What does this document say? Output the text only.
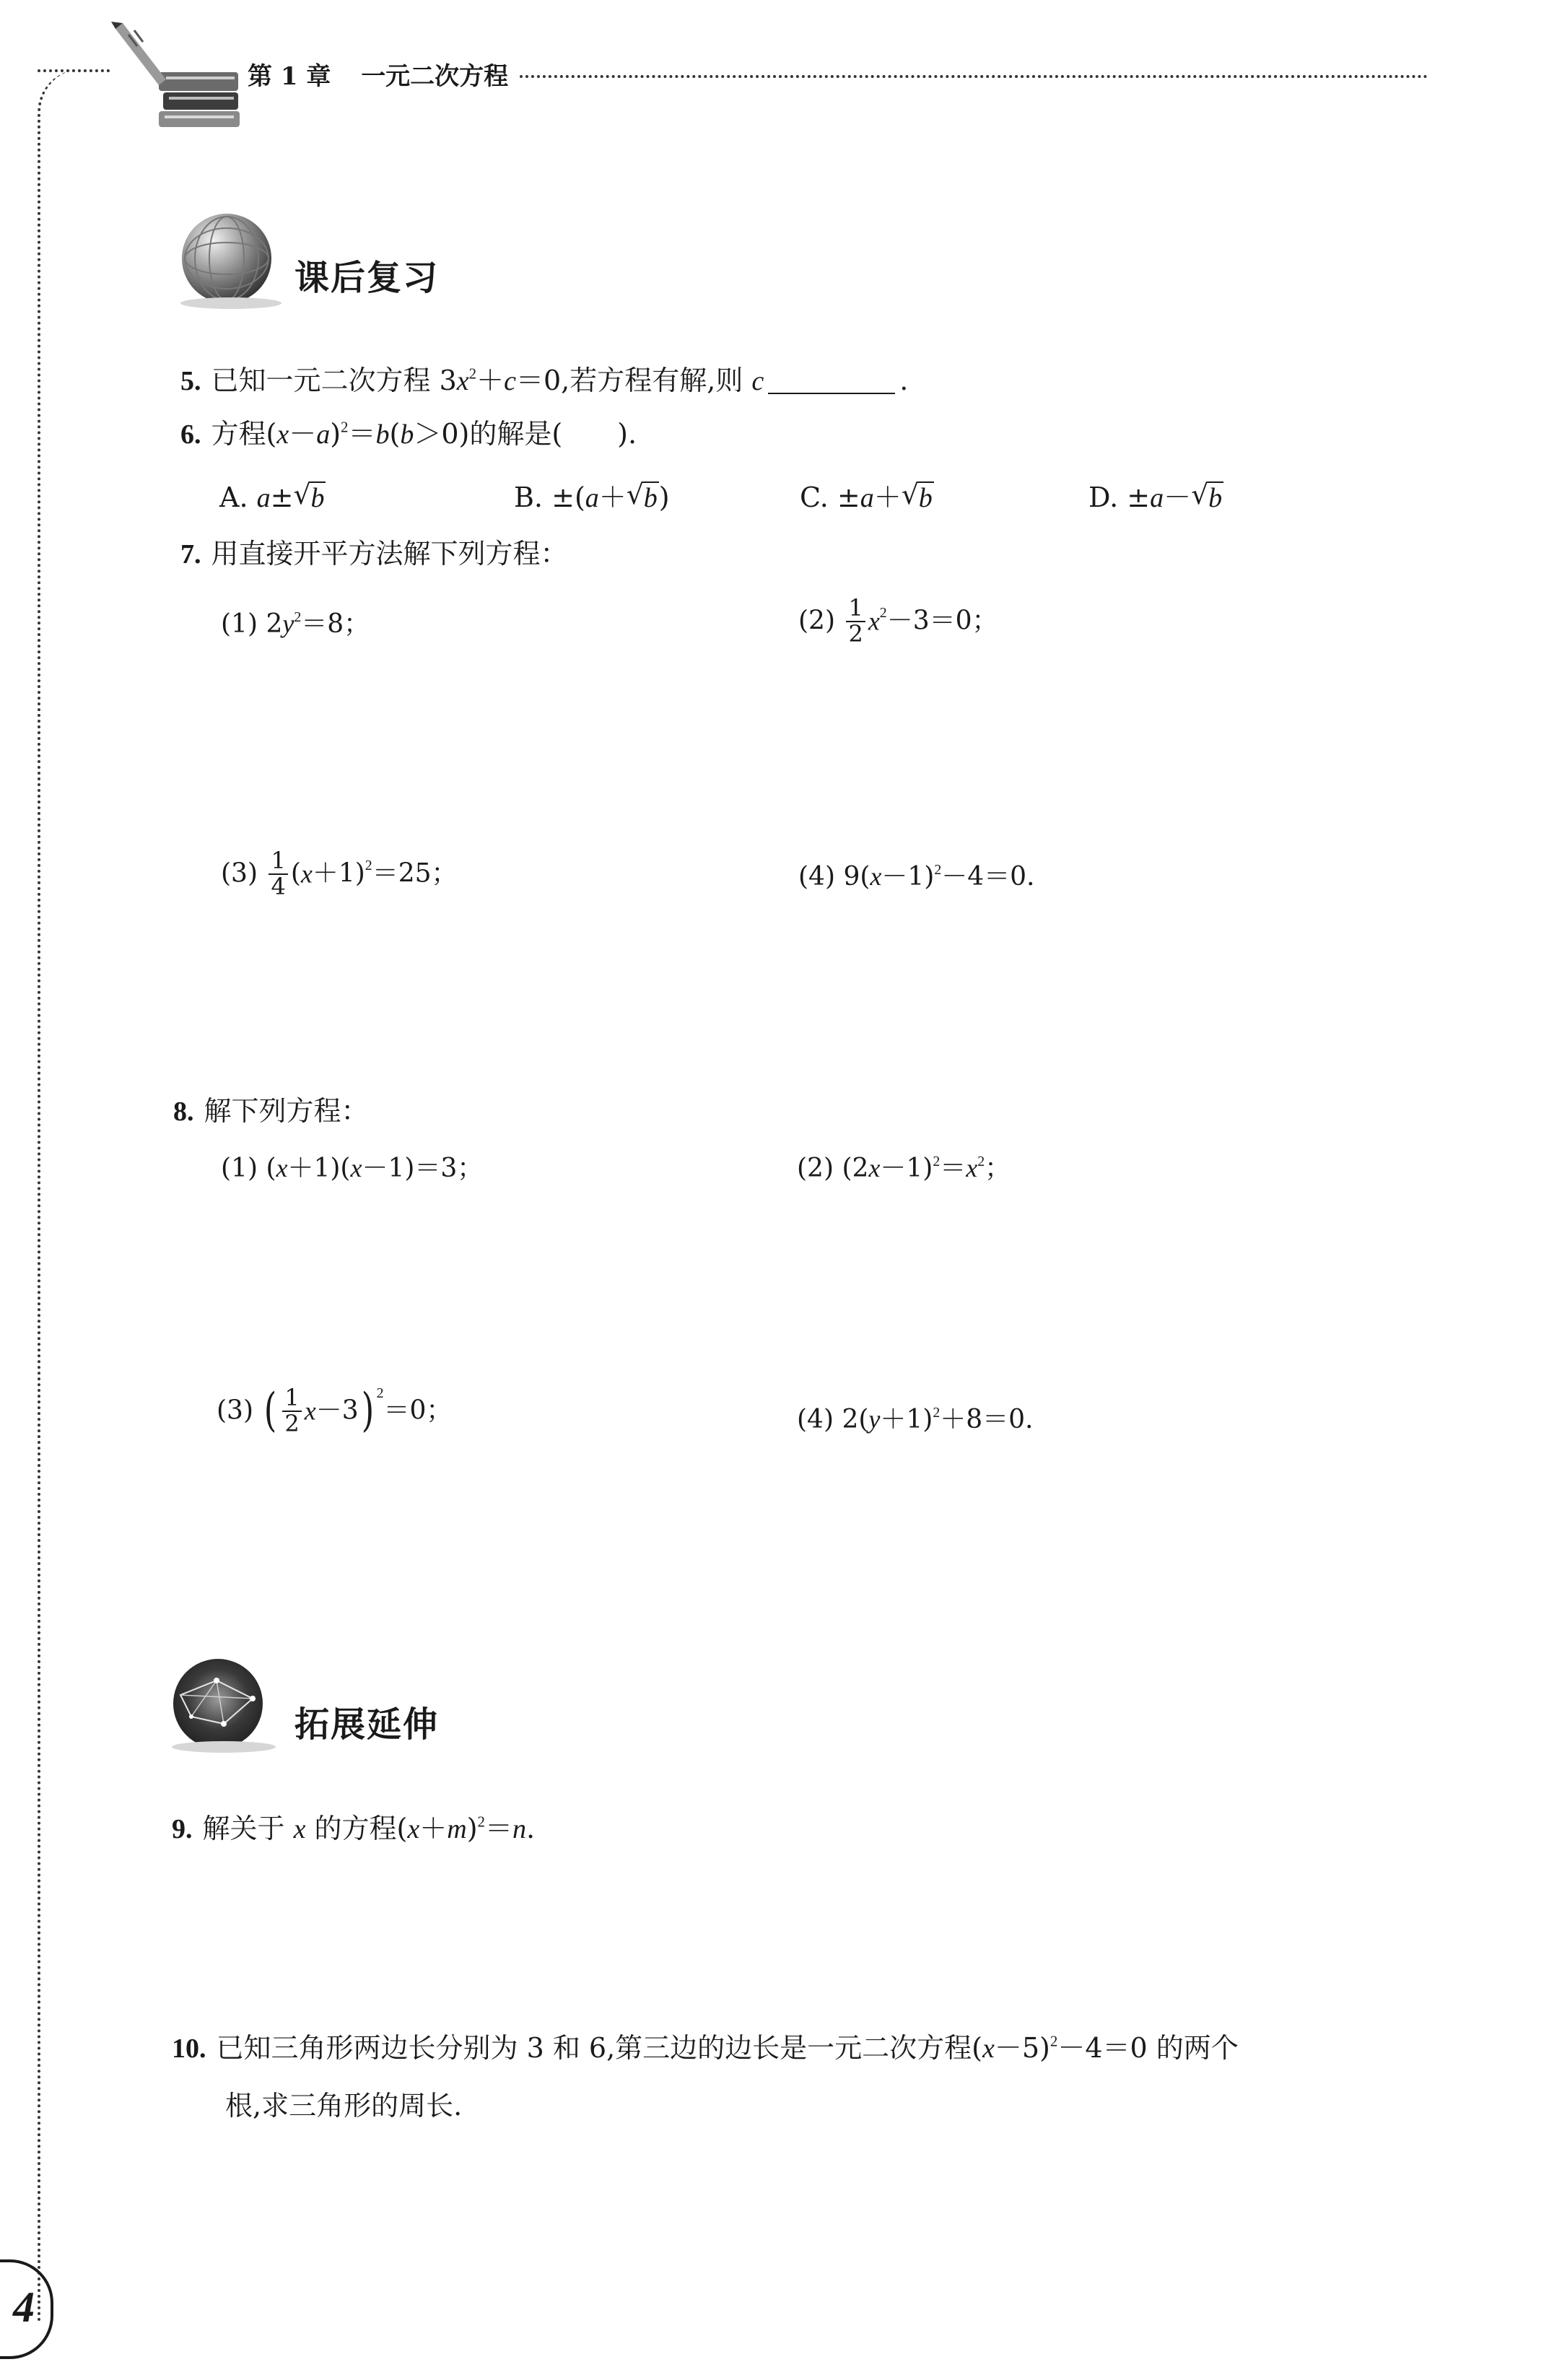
第 1 章 一元二次方程
课后复习
5. 已知一元二次方程 $3x^2+c=0$,若方程有解,则 c	.
6. 方程$(x-a)^2=b(b>0)$的解是(　　).
A. a± √ b	B. ±(a＋ √ b)	C. ±a＋ √ b	D. ±a－ √ b
7. 用直接开平方法解下列方程：
(1) $2y^2=8$；	$(2) \frac{1}{2} x^2-3=0$；
$(3) \frac{1}{4} (x+1)^2=25$；	(4) $9(x-1)^2-4=0$.
8. 解下列方程：
(1) (x＋1)(x－1)＝3；	(2) $(2x-1)^2=x^2$；
(3) ( $\frac{1}{2} x-3$) $^2$＝0；	(4) $2(y+1)^2+8=0$.
拓展延伸
9. 解关于 x 的方程$(x+m)^2=n$.
10. 已知三角形两边长分别为 3 和 6,第三边的边长是一元二次方程$(x-5)^2-4=0$ 的两个
根,求三角形的周长.
4
